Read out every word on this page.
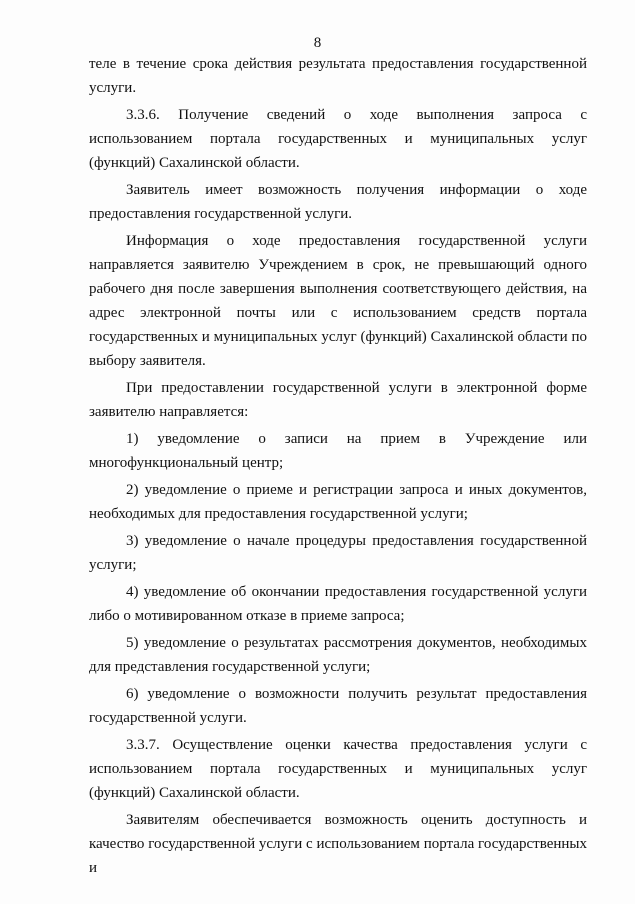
8

теле в течение срока действия результата предоставления государственной услуги.

3.3.6. Получение сведений о ходе выполнения запроса с использованием портала государственных и муниципальных услуг (функций) Сахалинской области.

Заявитель имеет возможность получения информации о ходе предоставления государственной услуги.

Информация о ходе предоставления государственной услуги направляется заявителю Учреждением в срок, не превышающий одного рабочего дня после завершения выполнения соответствующего действия, на адрес электронной почты или с использованием средств портала государственных и муниципальных услуг (функций) Сахалинской области по выбору заявителя.

При предоставлении государственной услуги в электронной форме заявителю направляется:

1) уведомление о записи на прием в Учреждение или многофункциональный центр;

2) уведомление о приеме и регистрации запроса и иных документов, необходимых для предоставления государственной услуги;

3) уведомление о начале процедуры предоставления государственной услуги;

4) уведомление об окончании предоставления государственной услуги либо о мотивированном отказе в приеме запроса;

5) уведомление о результатах рассмотрения документов, необходимых для представления государственной услуги;

6) уведомление о возможности получить результат предоставления государственной услуги.

3.3.7. Осуществление оценки качества предоставления услуги с использованием портала государственных и муниципальных услуг (функций) Сахалинской области.

Заявителям обеспечивается возможность оценить доступность и качество государственной услуги с использованием портала государственных и
